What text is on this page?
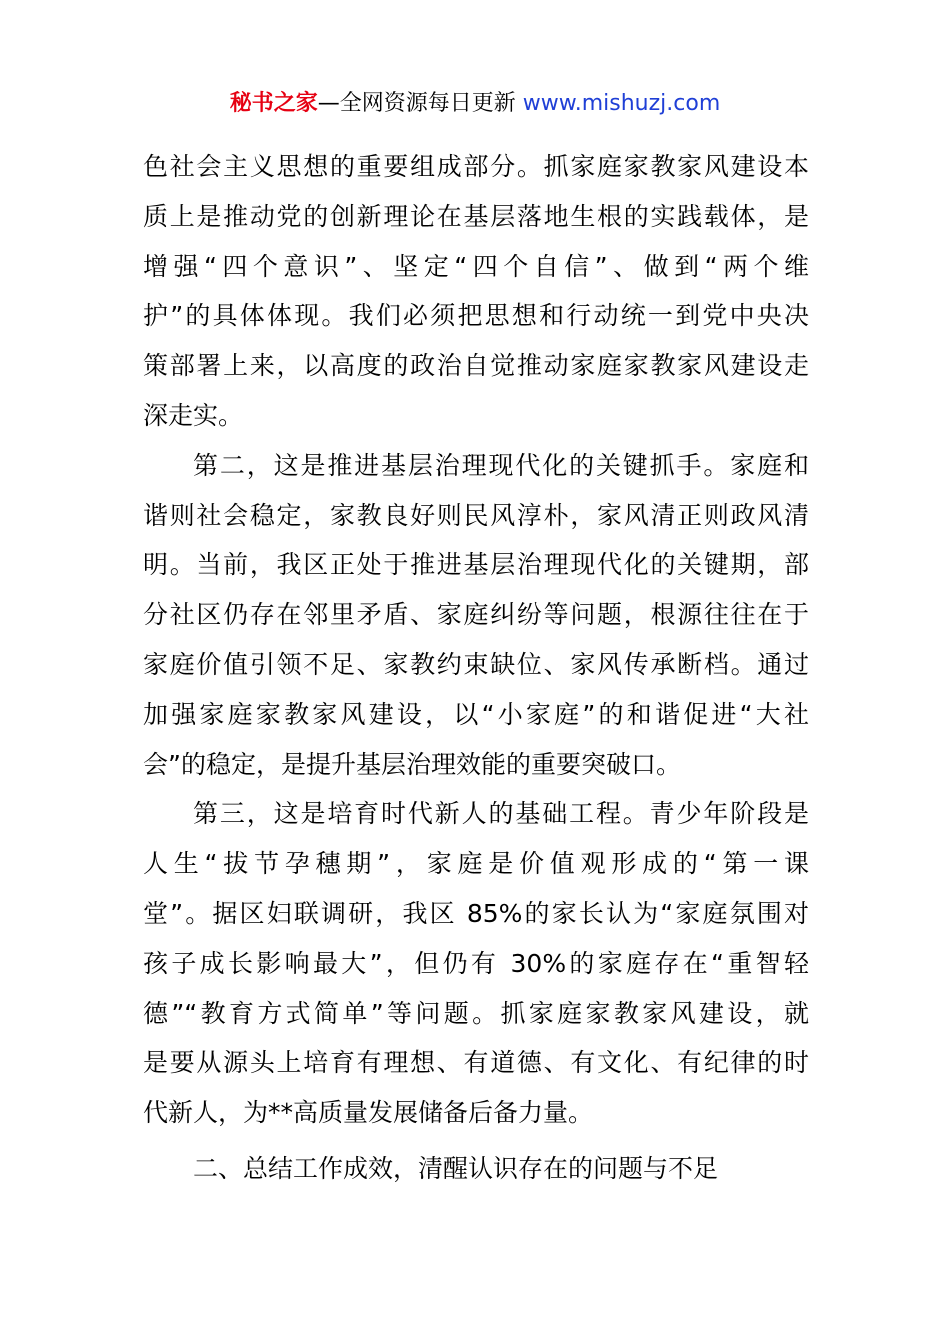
秘书之家—全网资源每日更新 www.mishuzj.com
色社会主义思想的重要组成部分。抓家庭家教家风建设本
质上是推动党的创新理论在基层落地生根的实践载体，是
增强“四个意识”、坚定“四个自信”、做到“两个维
护”的具体体现。我们必须把思想和行动统一到党中央决
策部署上来，以高度的政治自觉推动家庭家教家风建设走
深走实。
第二，这是推进基层治理现代化的关键抓手。家庭和
谐则社会稳定，家教良好则民风淳朴，家风清正则政风清
明。当前，我区正处于推进基层治理现代化的关键期，部
分社区仍存在邻里矛盾、家庭纠纷等问题，根源往往在于
家庭价值引领不足、家教约束缺位、家风传承断档。通过
加强家庭家教家风建设，以“小家庭”的和谐促进“大社
会”的稳定，是提升基层治理效能的重要突破口。
第三，这是培育时代新人的基础工程。青少年阶段是
人生“拔节孕穗期”，家庭是价值观形成的“第一课
堂”。据区妇联调研，我区 85%的家长认为“家庭氛围对
孩子成长影响最大”，但仍有 30%的家庭存在“重智轻
德”“教育方式简单”等问题。抓家庭家教家风建设，就
是要从源头上培育有理想、有道德、有文化、有纪律的时
代新人，为**高质量发展储备后备力量。
二、总结工作成效，清醒认识存在的问题与不足
